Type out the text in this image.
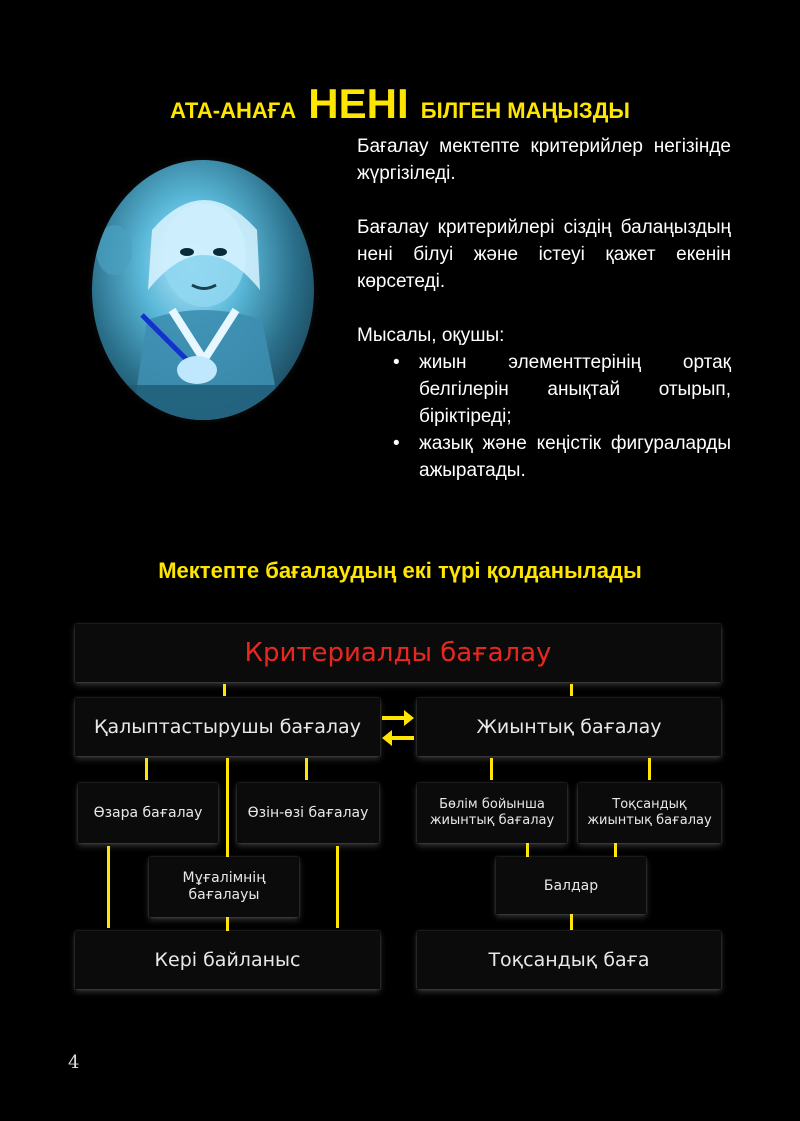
АТА-АНАҒА НЕНІ БІЛГЕН МАҢЫЗДЫ

Бағалау мектепте критерийлер негізінде жүргізіледі.

Бағалау критерийлері сіздің балаңыздың нені білуі және істеуі қажет екенін көрсетеді.

Мысалы, оқушы:

• жиын элементтерінің ортақ белгілерін анықтай отырып, біріктіреді;
• жазық және кеңістік фигураларды ажыратады.
Мектепте бағалаудың екі түрі қолданылады
Критериалды бағалау
Қалыптастырушы бағалау	Жиынтық бағалау
Өзара бағалау	Өзін-өзі бағалау
Мұғалімнің бағалауы
Кері байланыс
Бөлім бойынша жиынтық бағалау
Тоқсандық жиынтық бағалау
Балдар
Тоқсандық баға
4
